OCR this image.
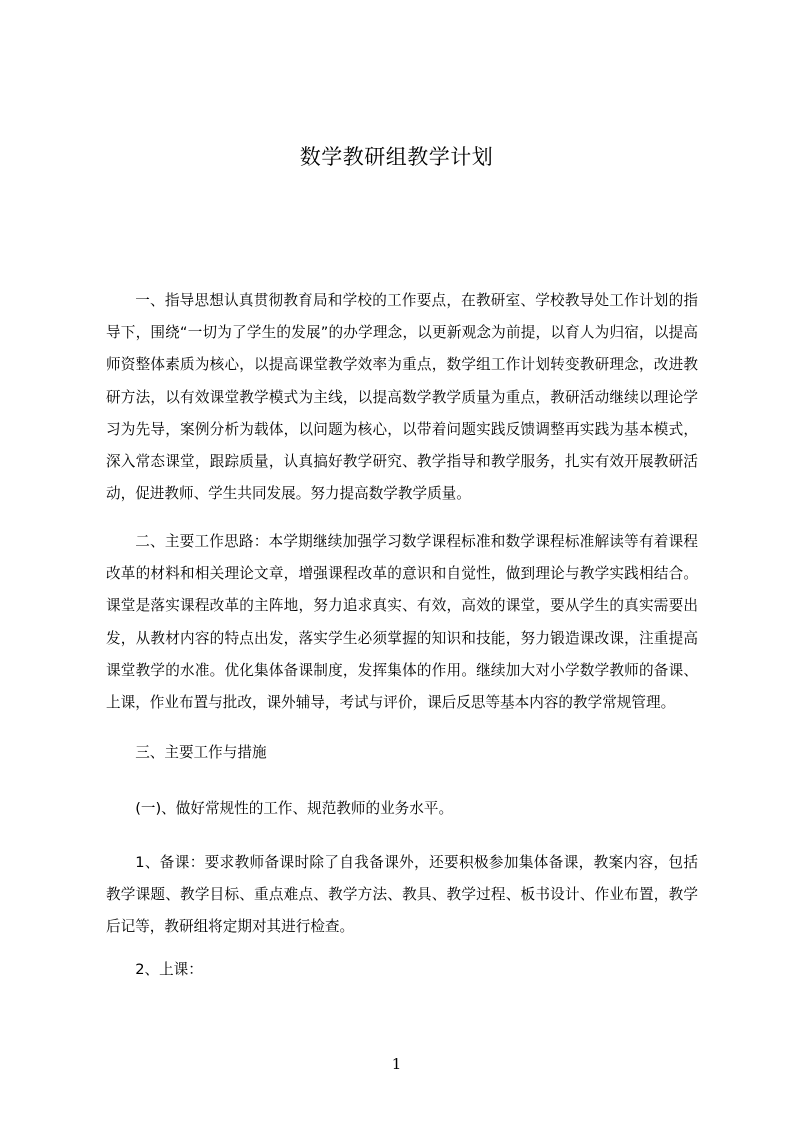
数学教研组教学计划

一、指导思想认真贯彻教育局和学校的工作要点，在教研室、学校教导处工作计划的指导下，围绕“一切为了学生的发展”的办学理念，以更新观念为前提，以育人为归宿，以提高师资整体素质为核心，以提高课堂教学效率为重点，数学组工作计划转变教研理念，改进教研方法，以有效课堂教学模式为主线，以提高数学教学质量为重点，教研活动继续以理论学习为先导，案例分析为载体，以问题为核心，以带着问题实践反馈调整再实践为基本模式，深入常态课堂，跟踪质量，认真搞好教学研究、教学指导和教学服务，扎实有效开展教研活动，促进教师、学生共同发展。努力提高数学教学质量。

二、主要工作思路：本学期继续加强学习数学课程标准和数学课程标准解读等有着课程改革的材料和相关理论文章，增强课程改革的意识和自觉性，做到理论与教学实践相结合。课堂是落实课程改革的主阵地，努力追求真实、有效，高效的课堂，要从学生的真实需要出发，从教材内容的特点出发，落实学生必须掌握的知识和技能，努力锻造课改课，注重提高课堂教学的水准。优化集体备课制度，发挥集体的作用。继续加大对小学数学教师的备课、上课，作业布置与批改，课外辅导，考试与评价，课后反思等基本内容的教学常规管理。

三、主要工作与措施

(一)、做好常规性的工作、规范教师的业务水平。

1、备课：要求教师备课时除了自我备课外，还要积极参加集体备课，教案内容，包括教学课题、教学目标、重点难点、教学方法、教具、教学过程、板书设计、作业布置，教学后记等，教研组将定期对其进行检查。

2、上课：

1
